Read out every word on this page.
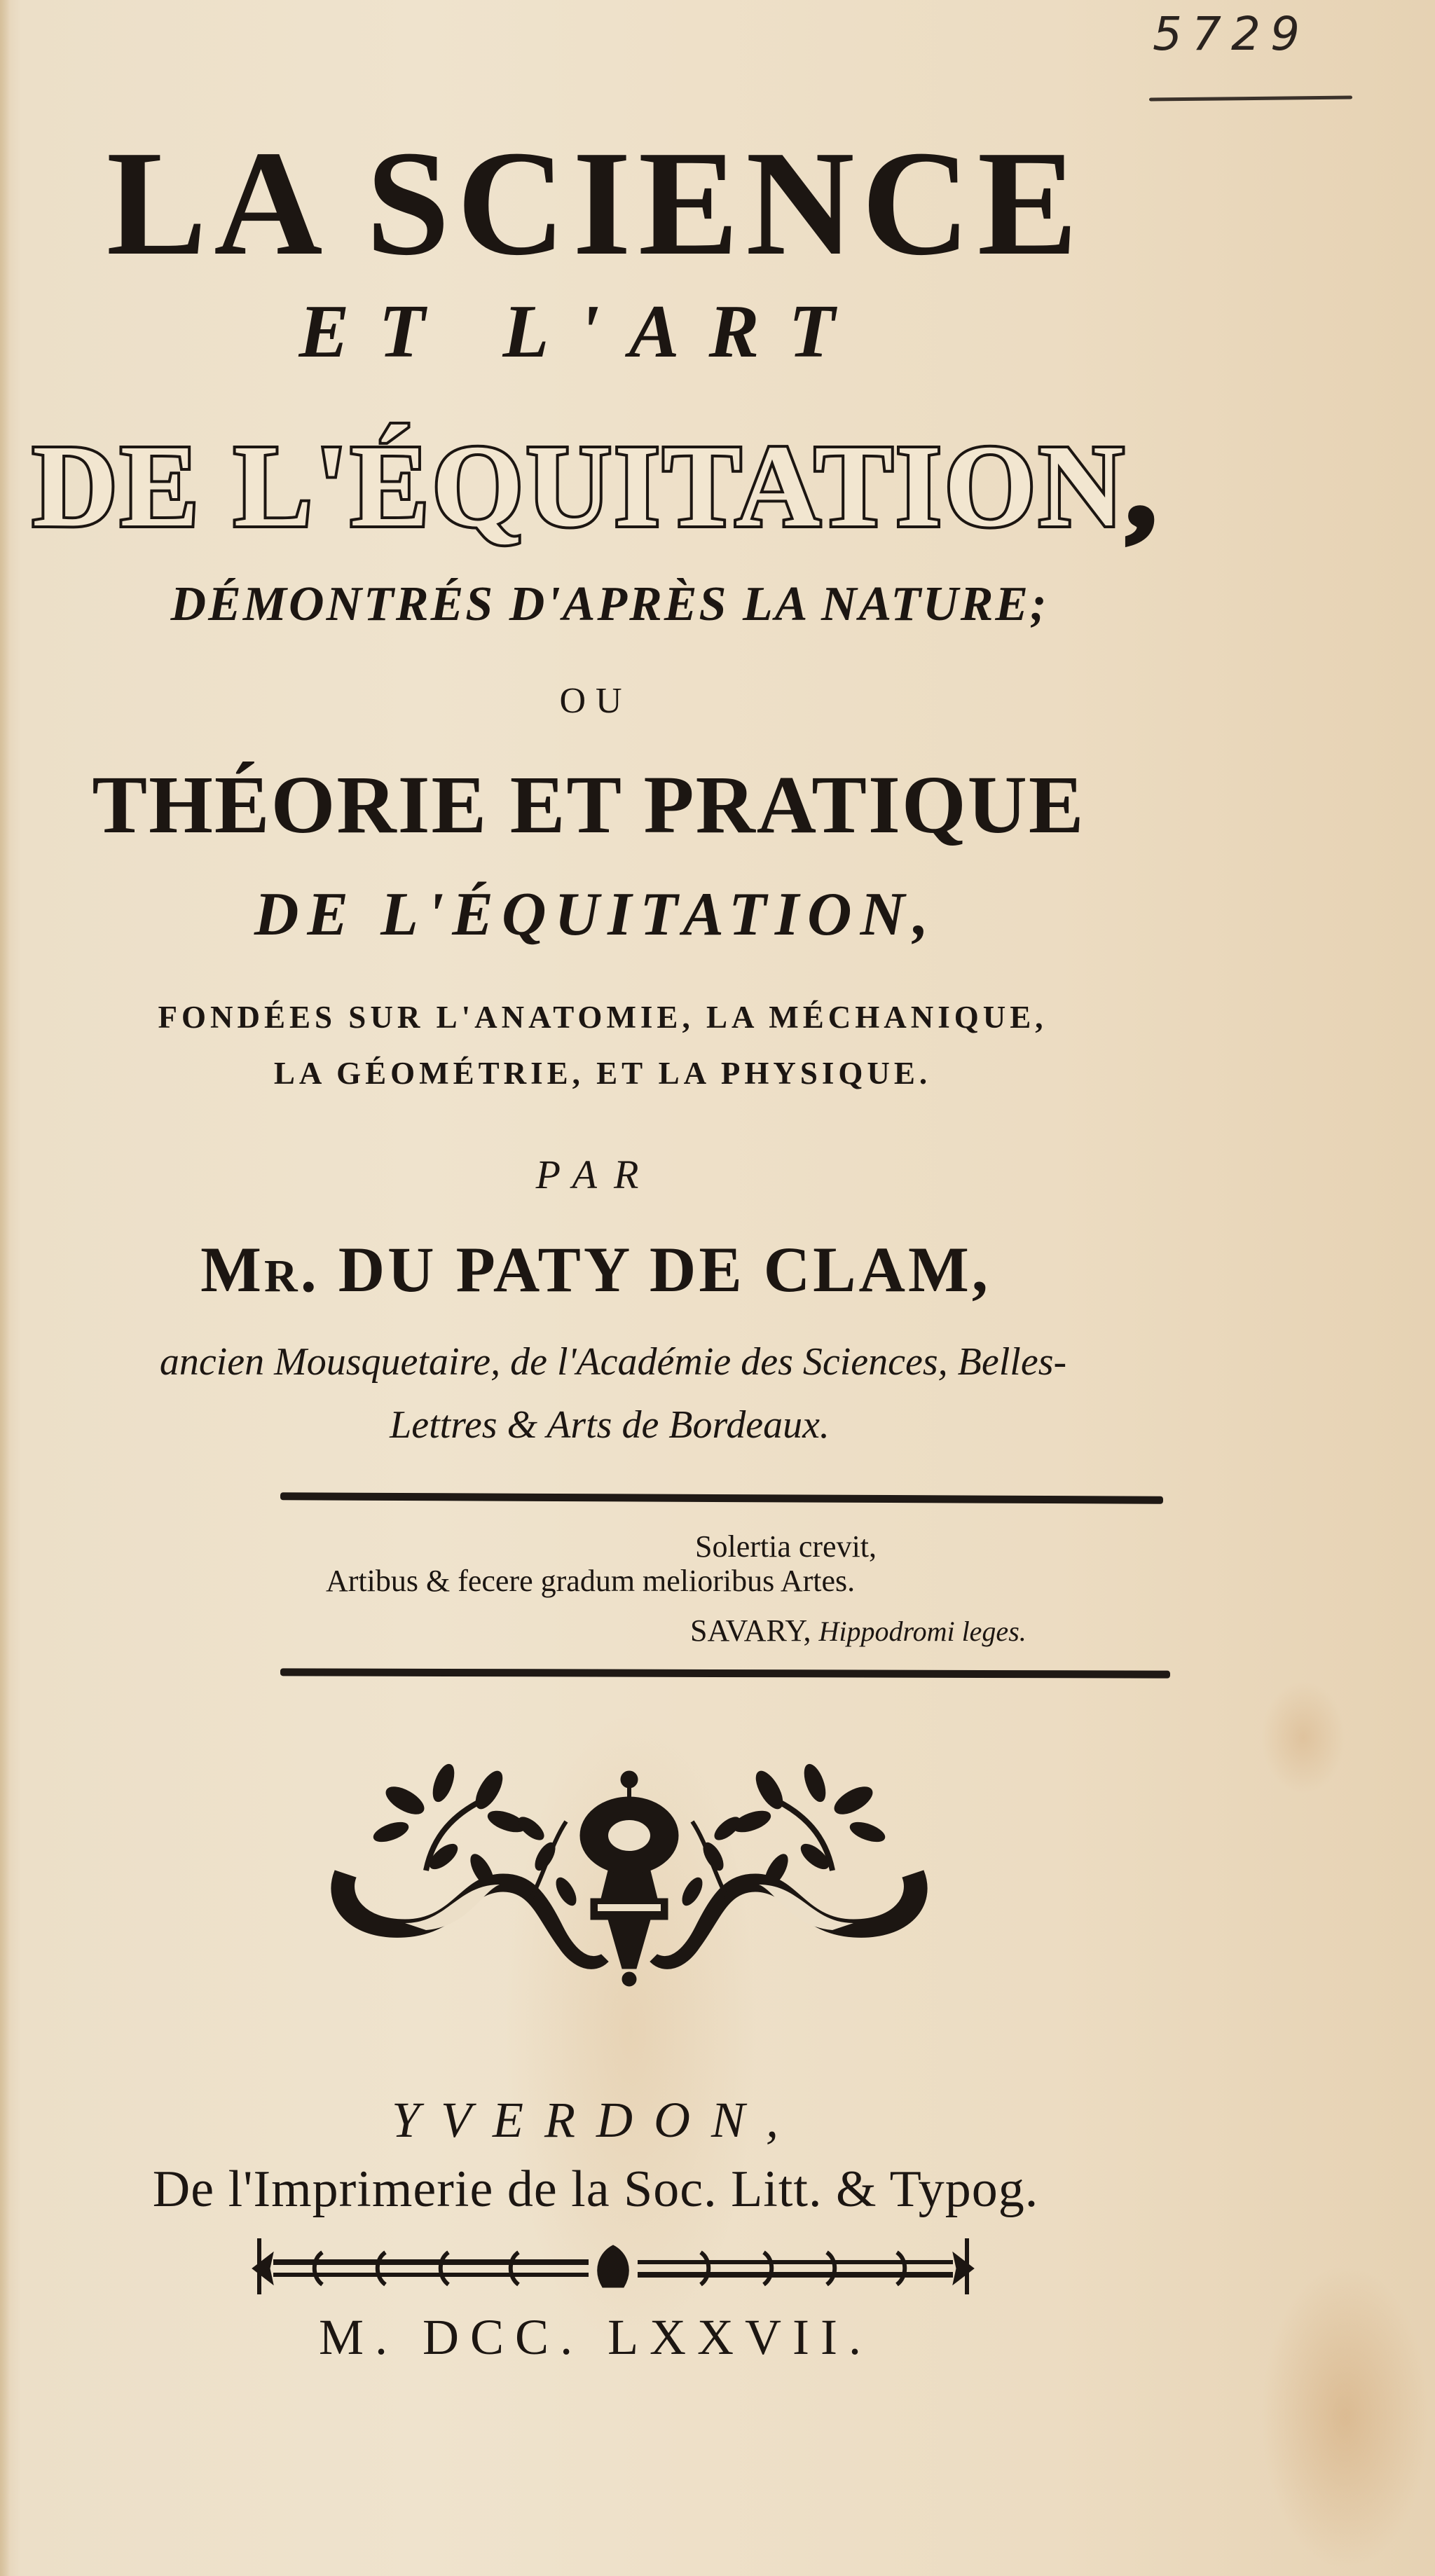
5729
LA SCIENCE
ET L'ART
DE L'ÉQUITATION,
DÉMONTRÉS D'APRÈS LA NATURE;
OU
THÉORIE ET PRATIQUE
DE L'ÉQUITATION,
FONDÉES SUR L'ANATOMIE, LA MÉCHANIQUE,
LA GÉOMÉTRIE, ET LA PHYSIQUE.
PAR
MR. DU PATY DE CLAM,
ancien Mousquetaire, de l'Académie des Sciences, Belles-
Lettres & Arts de Bordeaux.
Solertia crevit,
Artibus & fecere gradum melioribus Artes.
SAVARY, Hippodromi leges.
YVERDON,
De l'Imprimerie de la Soc. Litt. & Typog.
M. DCC. LXXVII.
